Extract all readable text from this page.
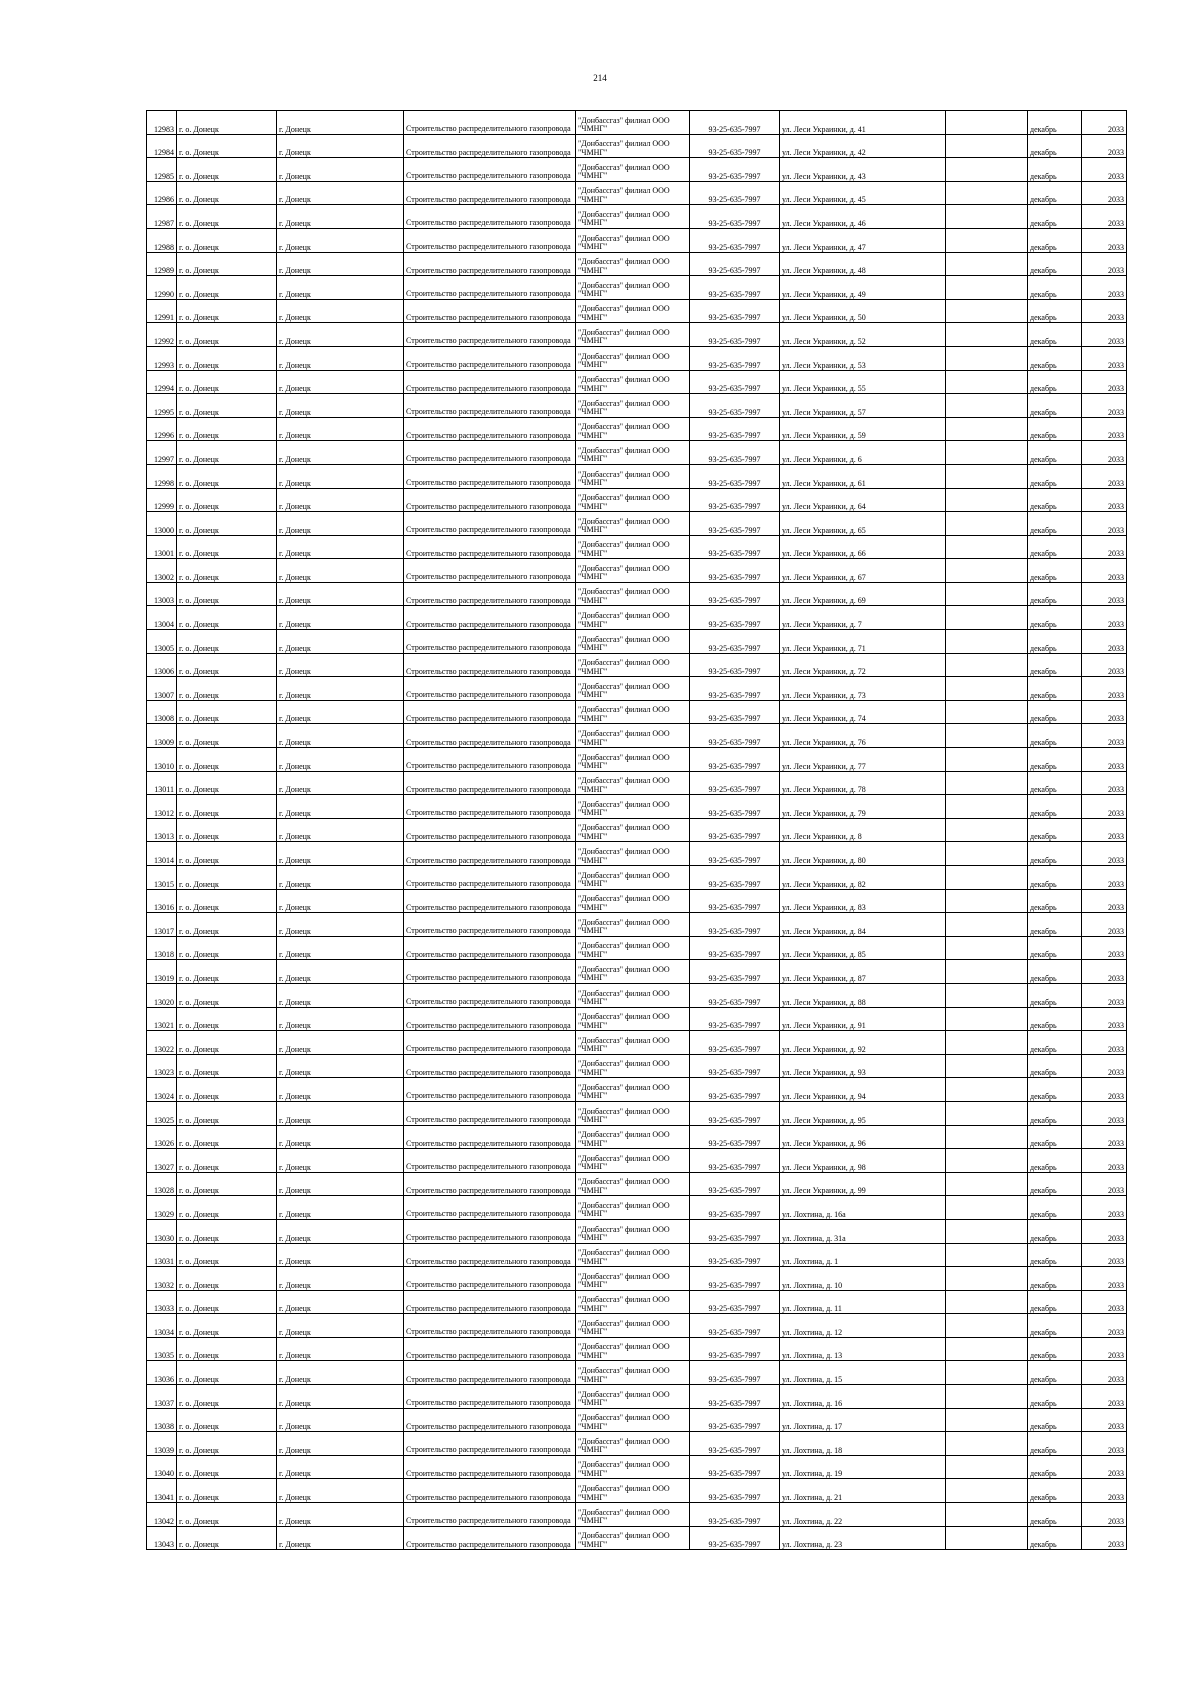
214
12983	г. о. Донецк	г. Донецк	Строительство распределительного газопровода	"Донбассгаз" филиал ООО "ЧМНГ"	93-25-635-7997	ул. Леси Украинки, д. 41		декабрь	2033
12984	г. о. Донецк	г. Донецк	Строительство распределительного газопровода	"Донбассгаз" филиал ООО "ЧМНГ"	93-25-635-7997	ул. Леси Украинки, д. 42		декабрь	2033
12985	г. о. Донецк	г. Донецк	Строительство распределительного газопровода	"Донбассгаз" филиал ООО "ЧМНГ"	93-25-635-7997	ул. Леси Украинки, д. 43		декабрь	2033
12986	г. о. Донецк	г. Донецк	Строительство распределительного газопровода	"Донбассгаз" филиал ООО "ЧМНГ"	93-25-635-7997	ул. Леси Украинки, д. 45		декабрь	2033
12987	г. о. Донецк	г. Донецк	Строительство распределительного газопровода	"Донбассгаз" филиал ООО "ЧМНГ"	93-25-635-7997	ул. Леси Украинки, д. 46		декабрь	2033
12988	г. о. Донецк	г. Донецк	Строительство распределительного газопровода	"Донбассгаз" филиал ООО "ЧМНГ"	93-25-635-7997	ул. Леси Украинки, д. 47		декабрь	2033
12989	г. о. Донецк	г. Донецк	Строительство распределительного газопровода	"Донбассгаз" филиал ООО "ЧМНГ"	93-25-635-7997	ул. Леси Украинки, д. 48		декабрь	2033
12990	г. о. Донецк	г. Донецк	Строительство распределительного газопровода	"Донбассгаз" филиал ООО "ЧМНГ"	93-25-635-7997	ул. Леси Украинки, д. 49		декабрь	2033
12991	г. о. Донецк	г. Донецк	Строительство распределительного газопровода	"Донбассгаз" филиал ООО "ЧМНГ"	93-25-635-7997	ул. Леси Украинки, д. 50		декабрь	2033
12992	г. о. Донецк	г. Донецк	Строительство распределительного газопровода	"Донбассгаз" филиал ООО "ЧМНГ"	93-25-635-7997	ул. Леси Украинки, д. 52		декабрь	2033
12993	г. о. Донецк	г. Донецк	Строительство распределительного газопровода	"Донбассгаз" филиал ООО "ЧМНГ"	93-25-635-7997	ул. Леси Украинки, д. 53		декабрь	2033
12994	г. о. Донецк	г. Донецк	Строительство распределительного газопровода	"Донбассгаз" филиал ООО "ЧМНГ"	93-25-635-7997	ул. Леси Украинки, д. 55		декабрь	2033
12995	г. о. Донецк	г. Донецк	Строительство распределительного газопровода	"Донбассгаз" филиал ООО "ЧМНГ"	93-25-635-7997	ул. Леси Украинки, д. 57		декабрь	2033
12996	г. о. Донецк	г. Донецк	Строительство распределительного газопровода	"Донбассгаз" филиал ООО "ЧМНГ"	93-25-635-7997	ул. Леси Украинки, д. 59		декабрь	2033
12997	г. о. Донецк	г. Донецк	Строительство распределительного газопровода	"Донбассгаз" филиал ООО "ЧМНГ"	93-25-635-7997	ул. Леси Украинки, д. 6		декабрь	2033
12998	г. о. Донецк	г. Донецк	Строительство распределительного газопровода	"Донбассгаз" филиал ООО "ЧМНГ"	93-25-635-7997	ул. Леси Украинки, д. 61		декабрь	2033
12999	г. о. Донецк	г. Донецк	Строительство распределительного газопровода	"Донбассгаз" филиал ООО "ЧМНГ"	93-25-635-7997	ул. Леси Украинки, д. 64		декабрь	2033
13000	г. о. Донецк	г. Донецк	Строительство распределительного газопровода	"Донбассгаз" филиал ООО "ЧМНГ"	93-25-635-7997	ул. Леси Украинки, д. 65		декабрь	2033
13001	г. о. Донецк	г. Донецк	Строительство распределительного газопровода	"Донбассгаз" филиал ООО "ЧМНГ"	93-25-635-7997	ул. Леси Украинки, д. 66		декабрь	2033
13002	г. о. Донецк	г. Донецк	Строительство распределительного газопровода	"Донбассгаз" филиал ООО "ЧМНГ"	93-25-635-7997	ул. Леси Украинки, д. 67		декабрь	2033
13003	г. о. Донецк	г. Донецк	Строительство распределительного газопровода	"Донбассгаз" филиал ООО "ЧМНГ"	93-25-635-7997	ул. Леси Украинки, д. 69		декабрь	2033
13004	г. о. Донецк	г. Донецк	Строительство распределительного газопровода	"Донбассгаз" филиал ООО "ЧМНГ"	93-25-635-7997	ул. Леси Украинки, д. 7		декабрь	2033
13005	г. о. Донецк	г. Донецк	Строительство распределительного газопровода	"Донбассгаз" филиал ООО "ЧМНГ"	93-25-635-7997	ул. Леси Украинки, д. 71		декабрь	2033
13006	г. о. Донецк	г. Донецк	Строительство распределительного газопровода	"Донбассгаз" филиал ООО "ЧМНГ"	93-25-635-7997	ул. Леси Украинки, д. 72		декабрь	2033
13007	г. о. Донецк	г. Донецк	Строительство распределительного газопровода	"Донбассгаз" филиал ООО "ЧМНГ"	93-25-635-7997	ул. Леси Украинки, д. 73		декабрь	2033
13008	г. о. Донецк	г. Донецк	Строительство распределительного газопровода	"Донбассгаз" филиал ООО "ЧМНГ"	93-25-635-7997	ул. Леси Украинки, д. 74		декабрь	2033
13009	г. о. Донецк	г. Донецк	Строительство распределительного газопровода	"Донбассгаз" филиал ООО "ЧМНГ"	93-25-635-7997	ул. Леси Украинки, д. 76		декабрь	2033
13010	г. о. Донецк	г. Донецк	Строительство распределительного газопровода	"Донбассгаз" филиал ООО "ЧМНГ"	93-25-635-7997	ул. Леси Украинки, д. 77		декабрь	2033
13011	г. о. Донецк	г. Донецк	Строительство распределительного газопровода	"Донбассгаз" филиал ООО "ЧМНГ"	93-25-635-7997	ул. Леси Украинки, д. 78		декабрь	2033
13012	г. о. Донецк	г. Донецк	Строительство распределительного газопровода	"Донбассгаз" филиал ООО "ЧМНГ"	93-25-635-7997	ул. Леси Украинки, д. 79		декабрь	2033
13013	г. о. Донецк	г. Донецк	Строительство распределительного газопровода	"Донбассгаз" филиал ООО "ЧМНГ"	93-25-635-7997	ул. Леси Украинки, д. 8		декабрь	2033
13014	г. о. Донецк	г. Донецк	Строительство распределительного газопровода	"Донбассгаз" филиал ООО "ЧМНГ"	93-25-635-7997	ул. Леси Украинки, д. 80		декабрь	2033
13015	г. о. Донецк	г. Донецк	Строительство распределительного газопровода	"Донбассгаз" филиал ООО "ЧМНГ"	93-25-635-7997	ул. Леси Украинки, д. 82		декабрь	2033
13016	г. о. Донецк	г. Донецк	Строительство распределительного газопровода	"Донбассгаз" филиал ООО "ЧМНГ"	93-25-635-7997	ул. Леси Украинки, д. 83		декабрь	2033
13017	г. о. Донецк	г. Донецк	Строительство распределительного газопровода	"Донбассгаз" филиал ООО "ЧМНГ"	93-25-635-7997	ул. Леси Украинки, д. 84		декабрь	2033
13018	г. о. Донецк	г. Донецк	Строительство распределительного газопровода	"Донбассгаз" филиал ООО "ЧМНГ"	93-25-635-7997	ул. Леси Украинки, д. 85		декабрь	2033
13019	г. о. Донецк	г. Донецк	Строительство распределительного газопровода	"Донбассгаз" филиал ООО "ЧМНГ"	93-25-635-7997	ул. Леси Украинки, д. 87		декабрь	2033
13020	г. о. Донецк	г. Донецк	Строительство распределительного газопровода	"Донбассгаз" филиал ООО "ЧМНГ"	93-25-635-7997	ул. Леси Украинки, д. 88		декабрь	2033
13021	г. о. Донецк	г. Донецк	Строительство распределительного газопровода	"Донбассгаз" филиал ООО "ЧМНГ"	93-25-635-7997	ул. Леси Украинки, д. 91		декабрь	2033
13022	г. о. Донецк	г. Донецк	Строительство распределительного газопровода	"Донбассгаз" филиал ООО "ЧМНГ"	93-25-635-7997	ул. Леси Украинки, д. 92		декабрь	2033
13023	г. о. Донецк	г. Донецк	Строительство распределительного газопровода	"Донбассгаз" филиал ООО "ЧМНГ"	93-25-635-7997	ул. Леси Украинки, д. 93		декабрь	2033
13024	г. о. Донецк	г. Донецк	Строительство распределительного газопровода	"Донбассгаз" филиал ООО "ЧМНГ"	93-25-635-7997	ул. Леси Украинки, д. 94		декабрь	2033
13025	г. о. Донецк	г. Донецк	Строительство распределительного газопровода	"Донбассгаз" филиал ООО "ЧМНГ"	93-25-635-7997	ул. Леси Украинки, д. 95		декабрь	2033
13026	г. о. Донецк	г. Донецк	Строительство распределительного газопровода	"Донбассгаз" филиал ООО "ЧМНГ"	93-25-635-7997	ул. Леси Украинки, д. 96		декабрь	2033
13027	г. о. Донецк	г. Донецк	Строительство распределительного газопровода	"Донбассгаз" филиал ООО "ЧМНГ"	93-25-635-7997	ул. Леси Украинки, д. 98		декабрь	2033
13028	г. о. Донецк	г. Донецк	Строительство распределительного газопровода	"Донбассгаз" филиал ООО "ЧМНГ"	93-25-635-7997	ул. Леси Украинки, д. 99		декабрь	2033
13029	г. о. Донецк	г. Донецк	Строительство распределительного газопровода	"Донбассгаз" филиал ООО "ЧМНГ"	93-25-635-7997	ул. Лохтина, д. 16а		декабрь	2033
13030	г. о. Донецк	г. Донецк	Строительство распределительного газопровода	"Донбассгаз" филиал ООО "ЧМНГ"	93-25-635-7997	ул. Лохтина, д. 31а		декабрь	2033
13031	г. о. Донецк	г. Донецк	Строительство распределительного газопровода	"Донбассгаз" филиал ООО "ЧМНГ"	93-25-635-7997	ул. Лохтина, д. 1		декабрь	2033
13032	г. о. Донецк	г. Донецк	Строительство распределительного газопровода	"Донбассгаз" филиал ООО "ЧМНГ"	93-25-635-7997	ул. Лохтина, д. 10		декабрь	2033
13033	г. о. Донецк	г. Донецк	Строительство распределительного газопровода	"Донбассгаз" филиал ООО "ЧМНГ"	93-25-635-7997	ул. Лохтина, д. 11		декабрь	2033
13034	г. о. Донецк	г. Донецк	Строительство распределительного газопровода	"Донбассгаз" филиал ООО "ЧМНГ"	93-25-635-7997	ул. Лохтина, д. 12		декабрь	2033
13035	г. о. Донецк	г. Донецк	Строительство распределительного газопровода	"Донбассгаз" филиал ООО "ЧМНГ"	93-25-635-7997	ул. Лохтина, д. 13		декабрь	2033
13036	г. о. Донецк	г. Донецк	Строительство распределительного газопровода	"Донбассгаз" филиал ООО "ЧМНГ"	93-25-635-7997	ул. Лохтина, д. 15		декабрь	2033
13037	г. о. Донецк	г. Донецк	Строительство распределительного газопровода	"Донбассгаз" филиал ООО "ЧМНГ"	93-25-635-7997	ул. Лохтина, д. 16		декабрь	2033
13038	г. о. Донецк	г. Донецк	Строительство распределительного газопровода	"Донбассгаз" филиал ООО "ЧМНГ"	93-25-635-7997	ул. Лохтина, д. 17		декабрь	2033
13039	г. о. Донецк	г. Донецк	Строительство распределительного газопровода	"Донбассгаз" филиал ООО "ЧМНГ"	93-25-635-7997	ул. Лохтина, д. 18		декабрь	2033
13040	г. о. Донецк	г. Донецк	Строительство распределительного газопровода	"Донбассгаз" филиал ООО "ЧМНГ"	93-25-635-7997	ул. Лохтина, д. 19		декабрь	2033
13041	г. о. Донецк	г. Донецк	Строительство распределительного газопровода	"Донбассгаз" филиал ООО "ЧМНГ"	93-25-635-7997	ул. Лохтина, д. 21		декабрь	2033
13042	г. о. Донецк	г. Донецк	Строительство распределительного газопровода	"Донбассгаз" филиал ООО "ЧМНГ"	93-25-635-7997	ул. Лохтина, д. 22		декабрь	2033
13043	г. о. Донецк	г. Донецк	Строительство распределительного газопровода	"Донбассгаз" филиал ООО "ЧМНГ"	93-25-635-7997	ул. Лохтина, д. 23		декабрь	2033
